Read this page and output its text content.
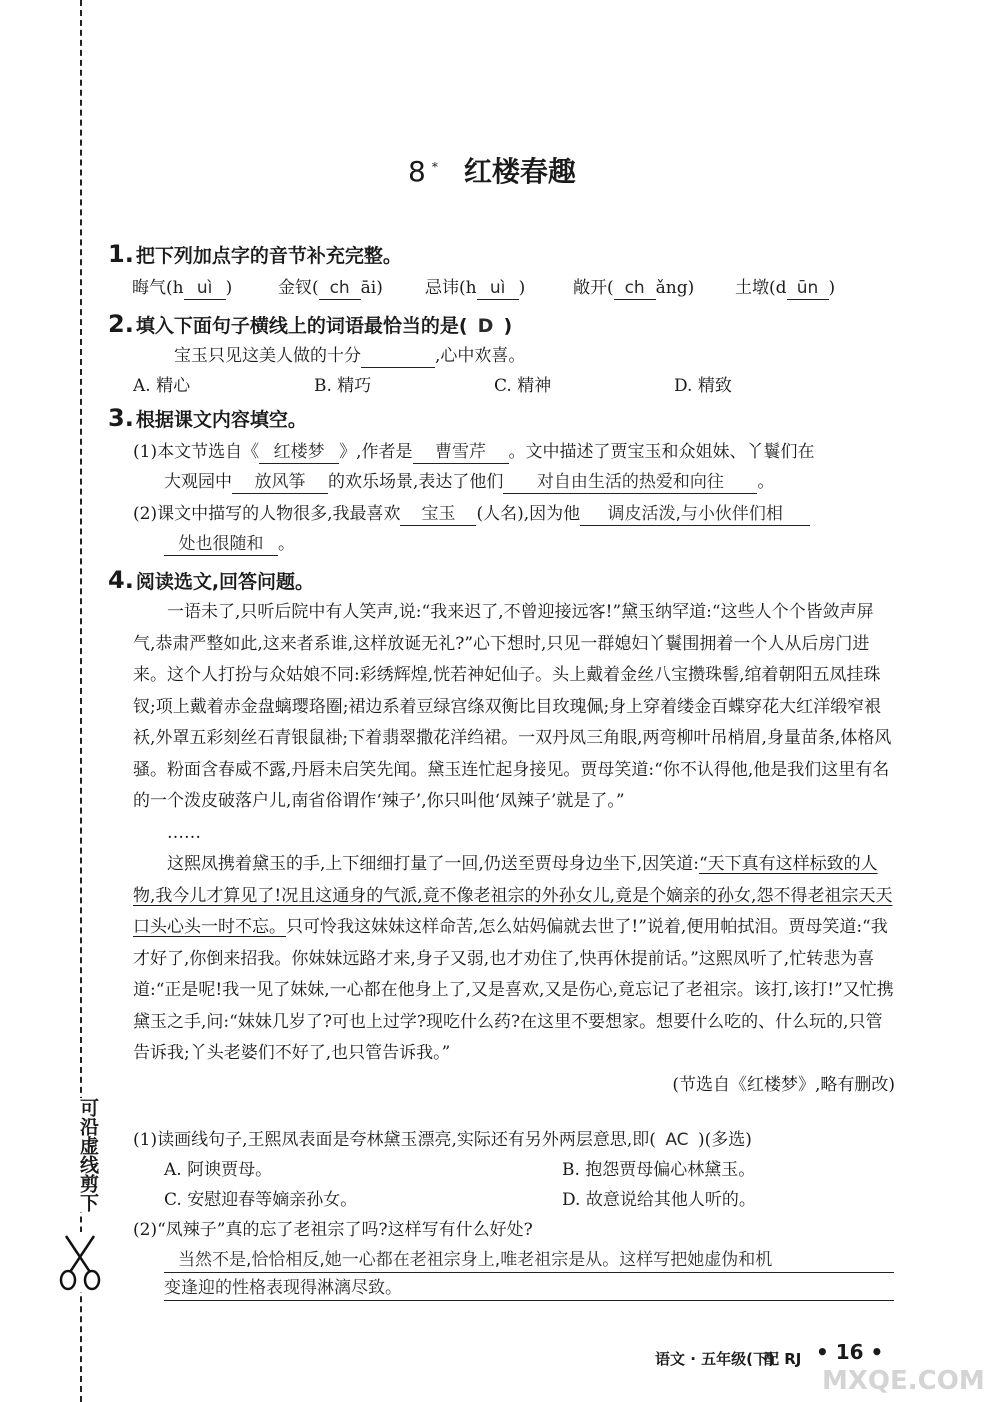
可沿虚线剪下
8 * 红楼春趣
1. 把下列加点字的音节补充完整。
晦气(h uì )	金钗( ch āi) 忌讳(h uì )	敞开( ch ǎng) 土墩(d ūn )
2. 填入下面句子横线上的词语最恰当的是( D )
宝玉只见这美人做的十分	,心中欢喜。
A. 精心	B. 精巧	C. 精神	D. 精致
3. 根据课文内容填空。
(1)本文节选自《 红楼梦 》,作者是 曹雪芹 。文中描述了贾宝玉和众姐妹、丫鬟们在
大观园中 放风筝 的欢乐场景,表达了他们 对自由生活的热爱和向往 。
(2)课文中描写的人物很多,我最喜欢 宝玉 (人名),因为他 调皮活泼,与小伙伴们相
处也很随和 。
4. 阅读选文,回答问题。

一语未了,只听后院中有人笑声,说:“我来迟了,不曾迎接远客!”黛玉纳罕道:“这些人个个皆敛声屏气,恭肃严整如此,这来者系谁,这样放诞无礼?”心下想时,只见一群媳妇丫鬟围拥着一个人从后房门进来。这个人打扮与众姑娘不同:彩绣辉煌,恍若神妃仙子。头上戴着金丝八宝攒珠髻,绾着朝阳五凤挂珠钗;项上戴着赤金盘螭璎珞圈;裙边系着豆绿宫绦双衡比目玫瑰佩;身上穿着缕金百蝶穿花大红洋缎窄裉袄,外罩五彩刻丝石青银鼠褂;下着翡翠撒花洋绉裙。一双丹凤三角眼,两弯柳叶吊梢眉,身量苗条,体格风骚。粉面含春威不露,丹唇未启笑先闻。黛玉连忙起身接见。贾母笑道:“你不认得他,他是我们这里有名的一个泼皮破落户儿,南省俗谓作‘辣子’,你只叫他‘凤辣子’就是了。”

……

这熙凤携着黛玉的手,上下细细打量了一回,仍送至贾母身边坐下,因笑道:“天下真有这样标致的人物,我今儿才算见了!况且这通身的气派,竟不像老祖宗的外孙女儿,竟是个嫡亲的孙女,怨不得老祖宗天天口头心头一时不忘。只可怜我这妹妹这样命苦,怎么姑妈偏就去世了!”说着,便用帕拭泪。贾母笑道:“我才好了,你倒来招我。你妹妹远路才来,身子又弱,也才劝住了,快再休提前话。”这熙凤听了,忙转悲为喜道:“正是呢!我一见了妹妹,一心都在他身上了,又是喜欢,又是伤心,竟忘记了老祖宗。该打,该打!”又忙携黛玉之手,问:“妹妹几岁了?可也上过学?现吃什么药?在这里不要想家。想要什么吃的、什么玩的,只管告诉我;丫头老婆们不好了,也只管告诉我。”

(节选自《红楼梦》,略有删改)

(1)读画线句子,王熙凤表面是夸林黛玉漂亮,实际还有另外两层意思,即( AC )(多选)
A. 阿谀贾母。	B. 抱怨贾母偏心林黛玉。
C. 安慰迎春等嫡亲孙女。	D. 故意说给其他人听的。
(2)“凤辣子”真的忘了老祖宗了吗?这样写有什么好处?
当然不是,恰恰相反,她一心都在老祖宗身上,唯老祖宗是从。这样写把她虚伪和机
变逢迎的性格表现得淋漓尽致。
语文 · 五年级(下)
配 RJ • 16 •
MXQE.COM
